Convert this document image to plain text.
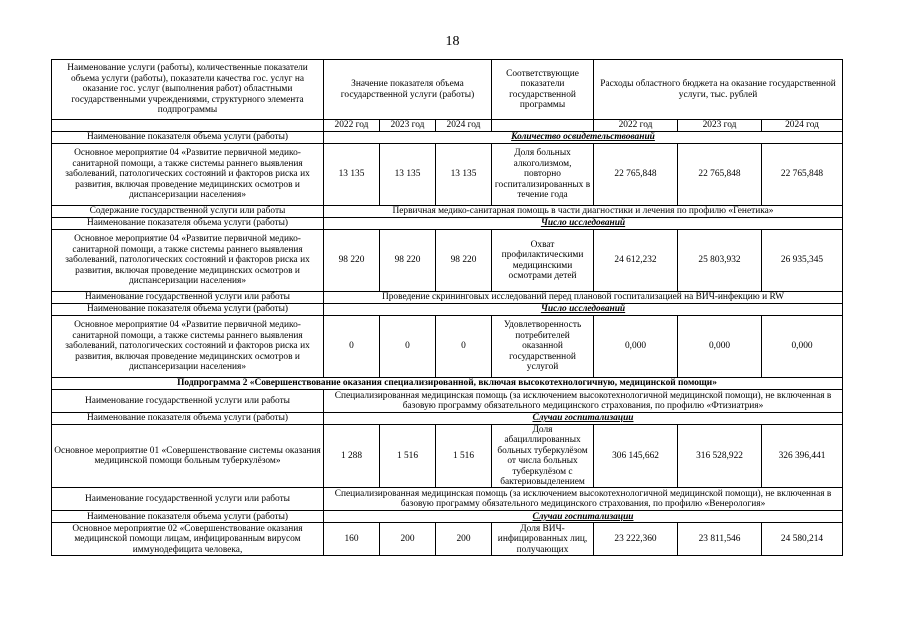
18
Наименование услуги (работы), количественные показатели объема услуги (работы), показатели качества гос. услуг на оказание гос. услуг (выполнения работ) областными государственными учреждениями, структурного элемента подпрограммы	Значение показателя объема государственной услуги (работы)			Соответствующие показатели государственной программы	Расходы областного бюджета на оказание государственной услуги, тыс. рублей		
	2022 год	2023 год	2024 год		2022 год	2023 год	2024 год
Наименование показателя объема услуги (работы)	Количество освидетельствований						
Основное мероприятие 04 «Развитие первичной медико-санитарной помощи, а также системы раннего выявления заболеваний, патологических состояний и факторов риска их развития, включая проведение медицинских осмотров и диспансеризации населения»	13 135	13 135	13 135	Доля больных алкоголизмом, повторно госпитализированных в течение года	22 765,848	22 765,848	22 765,848
Содержание государственной услуги или работы	Первичная медико-санитарная помощь в части диагностики и лечения по профилю «Генетика»						
Наименование показателя объема услуги (работы)	Число исследований						
Основное мероприятие 04 «Развитие первичной медико-санитарной помощи, а также системы раннего выявления заболеваний, патологических состояний и факторов риска их развития, включая проведение медицинских осмотров и диспансеризации населения»	98 220	98 220	98 220	Охват профилактическими медицинскими осмотрами детей	24 612,232	25 803,932	26 935,345
Наименование государственной услуги или работы	Проведение скрининговых исследований перед плановой госпитализацией на ВИЧ-инфекцию и RW						
Наименование показателя объема услуги (работы)	Число исследований						
Основное мероприятие 04 «Развитие первичной медико-санитарной помощи, а также системы раннего выявления заболеваний, патологических состояний и факторов риска их развития, включая проведение медицинских осмотров и диспансеризации населения»	0	0	0	Удовлетворенность потребителей оказанной государственной услугой	0,000	0,000	0,000
Подпрограмма 2 «Совершенствование оказания специализированной, включая высокотехнологичную, медицинской помощи»							
Наименование государственной услуги или работы	Специализированная медицинская помощь (за исключением высокотехнологичной медицинской помощи), не включенная в базовую программу обязательного медицинского страхования, по профилю «Фтизиатрия»						
Наименование показателя объема услуги (работы)	Случаи госпитализации						
Основное мероприятие 01 «Совершенствование системы оказания медицинской помощи больным туберкулёзом»	1 288	1 516	1 516	Доля абациллированных больных туберкулёзом от числа больных туберкулёзом с бактериовыделением	306 145,662	316 528,922	326 396,441
Наименование государственной услуги или работы	Специализированная медицинская помощь (за исключением высокотехнологичной медицинской помощи), не включенная в базовую программу обязательного медицинского страхования, по профилю «Венерология»						
Наименование показателя объема услуги (работы)	Случаи госпитализации						
Основное мероприятие 02 «Совершенствование оказания медицинской помощи лицам, инфицированным вирусом иммунодефицита человека,	160	200	200	Доля ВИЧ-инфицированных лиц, получающих	23 222,360	23 811,546	24 580,214
